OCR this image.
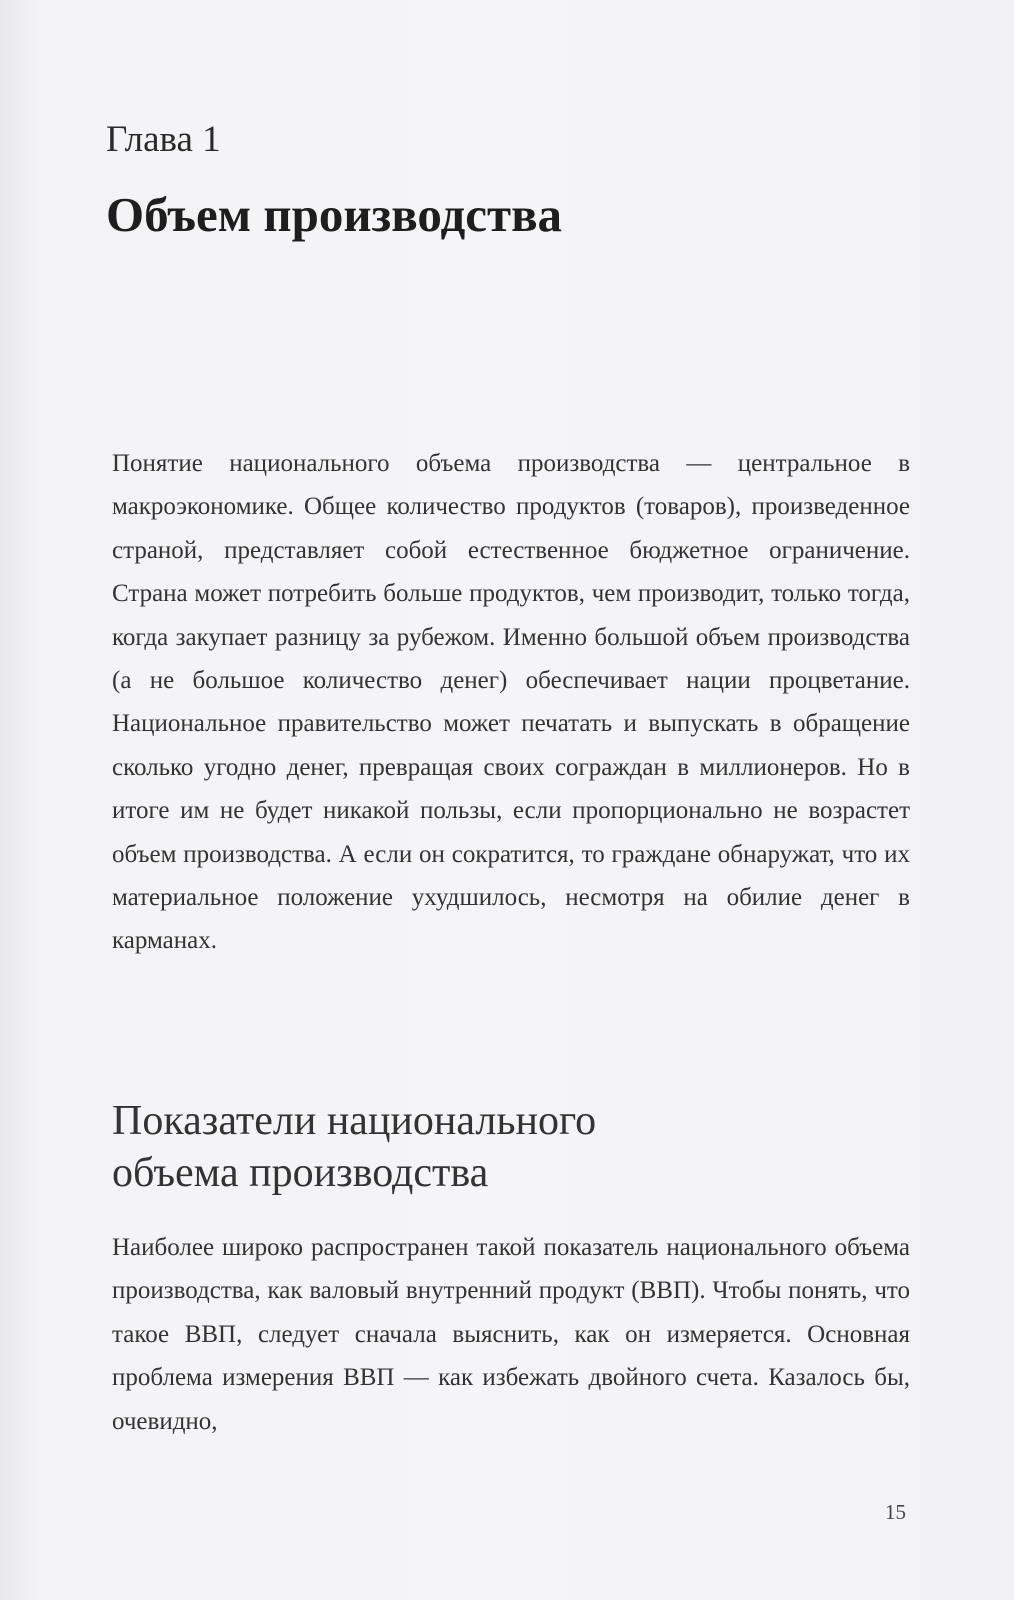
Глава 1
Объем производства
Понятие национального объема производства — центральное в макроэкономике. Общее количество продуктов (товаров), произведенное страной, представляет собой естественное бюджетное ограничение. Страна может потребить больше продуктов, чем производит, только тогда, когда закупает разницу за рубежом. Именно большой объем производства (а не большое количество денег) обеспечивает нации процветание. Национальное правительство может печатать и выпускать в обращение сколько угодно денег, превращая своих сограждан в миллионеров. Но в итоге им не будет никакой пользы, если пропорционально не возрастет объем производства. А если он сократится, то граждане обнаружат, что их материальное положение ухудшилось, несмотря на обилие денег в карманах.
Показатели национального
объема производства
Наиболее широко распространен такой показатель национального объема производства, как валовый внутренний продукт (ВВП). Чтобы понять, что такое ВВП, следует сначала выяснить, как он измеряется. Основная проблема измерения ВВП — как избежать двойного счета. Казалось бы, очевидно,
15
